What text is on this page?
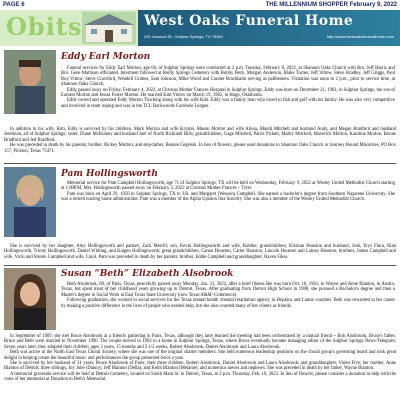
PAGE 6	THE MILLENNIUM SHOPPER February 9, 2022
Obits	West Oaks Funeral Home
200 Linwood St., Sulphur Springs, TX 75482	http://www.westoaksfuneralhome.com
Eddy Earl Morton

Funeral services for Eddy Earl Morton, age 60, of Sulphur Springs were conducted at 2 p.m. Tuesday, February 8, 2022, at Shannon Oaks Church with Bro. Jeff Harris and Bro. Gene Mattison officiated. Interment followed at Reilly Springs Cemetery with Bobby Beck, Morgan Anderson, Blake Turner, Jeff Vittow, Steve Bradley, Jeff Griggs, Paul Roy Vittow, Steve Crawford, Wendell Grimes, Sam Johnson, Mike Wood and Conner Brackhahn serving as pallbearers. Visitation was noon to 2 p.m., prior to service time, at Shannon Oaks Church.

Eddy passed away on Friday, February 4, 2022, at Christus Mother Frances Hospital in Sulphur Springs. Eddy was born on December 21, 1961, in Sulphur Springs, the son of Earnest Morton and Jessia Foster Morton. He married Kim Vittow on March 19, 1982, in Hugo, Oklahoma.

Eddy owned and operated Eddy Morton Trucking along with his wife Kim. Eddy was a family man who loved to fish and golf with his family. He was also very competitive and involved in team roping and was in the TCL Backwoods Cornhole League.

In addition to his wife, Kim, Eddy is survived by his children, Mark Morton and wife Krystal, Mason Morton and wife Alissa, Mandi Mitchell and husband Andy, and Megan Bradford and husband Jeremiah, all of Sulphur Springs; sister, Diane McKinney and husband Joel of North Richland Hills; grandchildren, Gage Mitchell, Parris Pickett, Mabry Mitchell, Maverick Morton, Karoline Morton, Boone Bradford and Jed Bradford.

He was preceded in death by his parents; brother, Rickey Morton; and step-father, Bennie Cegelski. In lieu of flowers, please send donations to Shannon Oaks Church or Journey Bound Ministries, PO Box 157, Pickton, Texas 75471.

Pam Hollingsworth

Memorial service for Pam Campbell Hollingsworth, age 71 of Sulphur Springs, TX will be held on Wednesday, February 9, 2022 at Wesley United Methodist Church starting at 1:00P.M. Mrs. Hollingsworth passed away on February 3, 2022 at Christus Mother Frances ~ Tyler.

Pam was born on April 29, 1950 in Sulphur Springs, TX to J.R. and Margaret (Wesson) Campbell. She earned a bachelor's degree from Southern Nazarene University. She was a retired nursing home administrator. Pam was a member of the Alpha Upsilon Iota Sorority. She was also a member of the Wesley United Methodist Church.

She is survived by her daughter, Amy Hollingsworth and partner, Zack Merrill; son, Kevin Hollingsworth and wife, Robbie; grandchildren, Kristian Houston and husband, Josh, Erys Flora, Rian Hollingsworth, Trinity Hollingsworth, Daniel Whiting, and Kaigen Hollingsworth; great grandchildren, Canon Houston, Carter Houston, Lincoln Houston and Lainey Houston; brothers, James Campbell and wife, Vicki and Steven Campbell and wife, Carol. Pam was preceded in death by her parents; brother, Eddie Campbell and granddaughter, Raven Fikes.

Susan “Beth” Elizabeth Alsobrook

Beth Alsobrook, 60, of Paris, Texas, peacefully passed away Monday, Jan. 31, 2022, after a brief illness.She was born Oct. 10, 1961, to Wayne and Anne Blanton, in Austin, Texas, but spent most of her childhood years growing up in Detroit, Texas. After graduating from Detroit High School in 1980, she pursued a Bachelor's degree and then a Master's degree in Social Work at East Texas State University (now Texas A&M~Commerce).

Following graduation, she worked in social services for the Texas mental health /mental retardation agency in Hopkins and Lamar counties. Beth was rewarded in her career by making a positive difference in the lives of people who needed help, but she also counted many of her clients as friends.

In September of 1989, she met Bruce Alsobrook at a friend's gathering in Paris, Texas, although they later learned the meeting had been orchestrated by a mutual friend ~ Bob Alsobrook, Bruce's father. Bruce and Beth were married in November 1990. The couple moved in 1993 to a home in Sulphur Springs, Texas, where Bruce eventually became managing editor of the Sulphur Springs News-Telegram. Seven years later, they adopted their children, ages 2 years, 15 months and 2 1/2 weeks, Robert Alsobrook, Daniel Alsobrook and Laura Alsobrook.

Beth was active in the North East Texas Choral Society, where she was one of the original charter members. She held numerous leadership positions on the choral group's governing board and took great delight in helping create the beautiful music and performances the group presented twice a year.

She is survived by her husband of 31 years, Bruce Alsobrook of Paris; their three children, Robert Alsobrook, Daniel Alsobrook and Laura Alsobrook; and granddaughter, Violet Frye; her mother, Anne Blanton of Detroit; three siblings, Joy Jobe (Danny), Jeff Blanton (Della), and Keith Blanton (Melanie); and numerous nieces and nephews. She was preceded in death by her father, Wayne Blanton.

A memorial graveside service will be held at Detroit Cemetery, located on South Main St. in Detroit, Texas, at 2 p.m. Thursday, Feb. 10, 2022. In lieu of flowers, please consider a donation to help with the costs of her memorial at Donation to Beth's Memorial.
